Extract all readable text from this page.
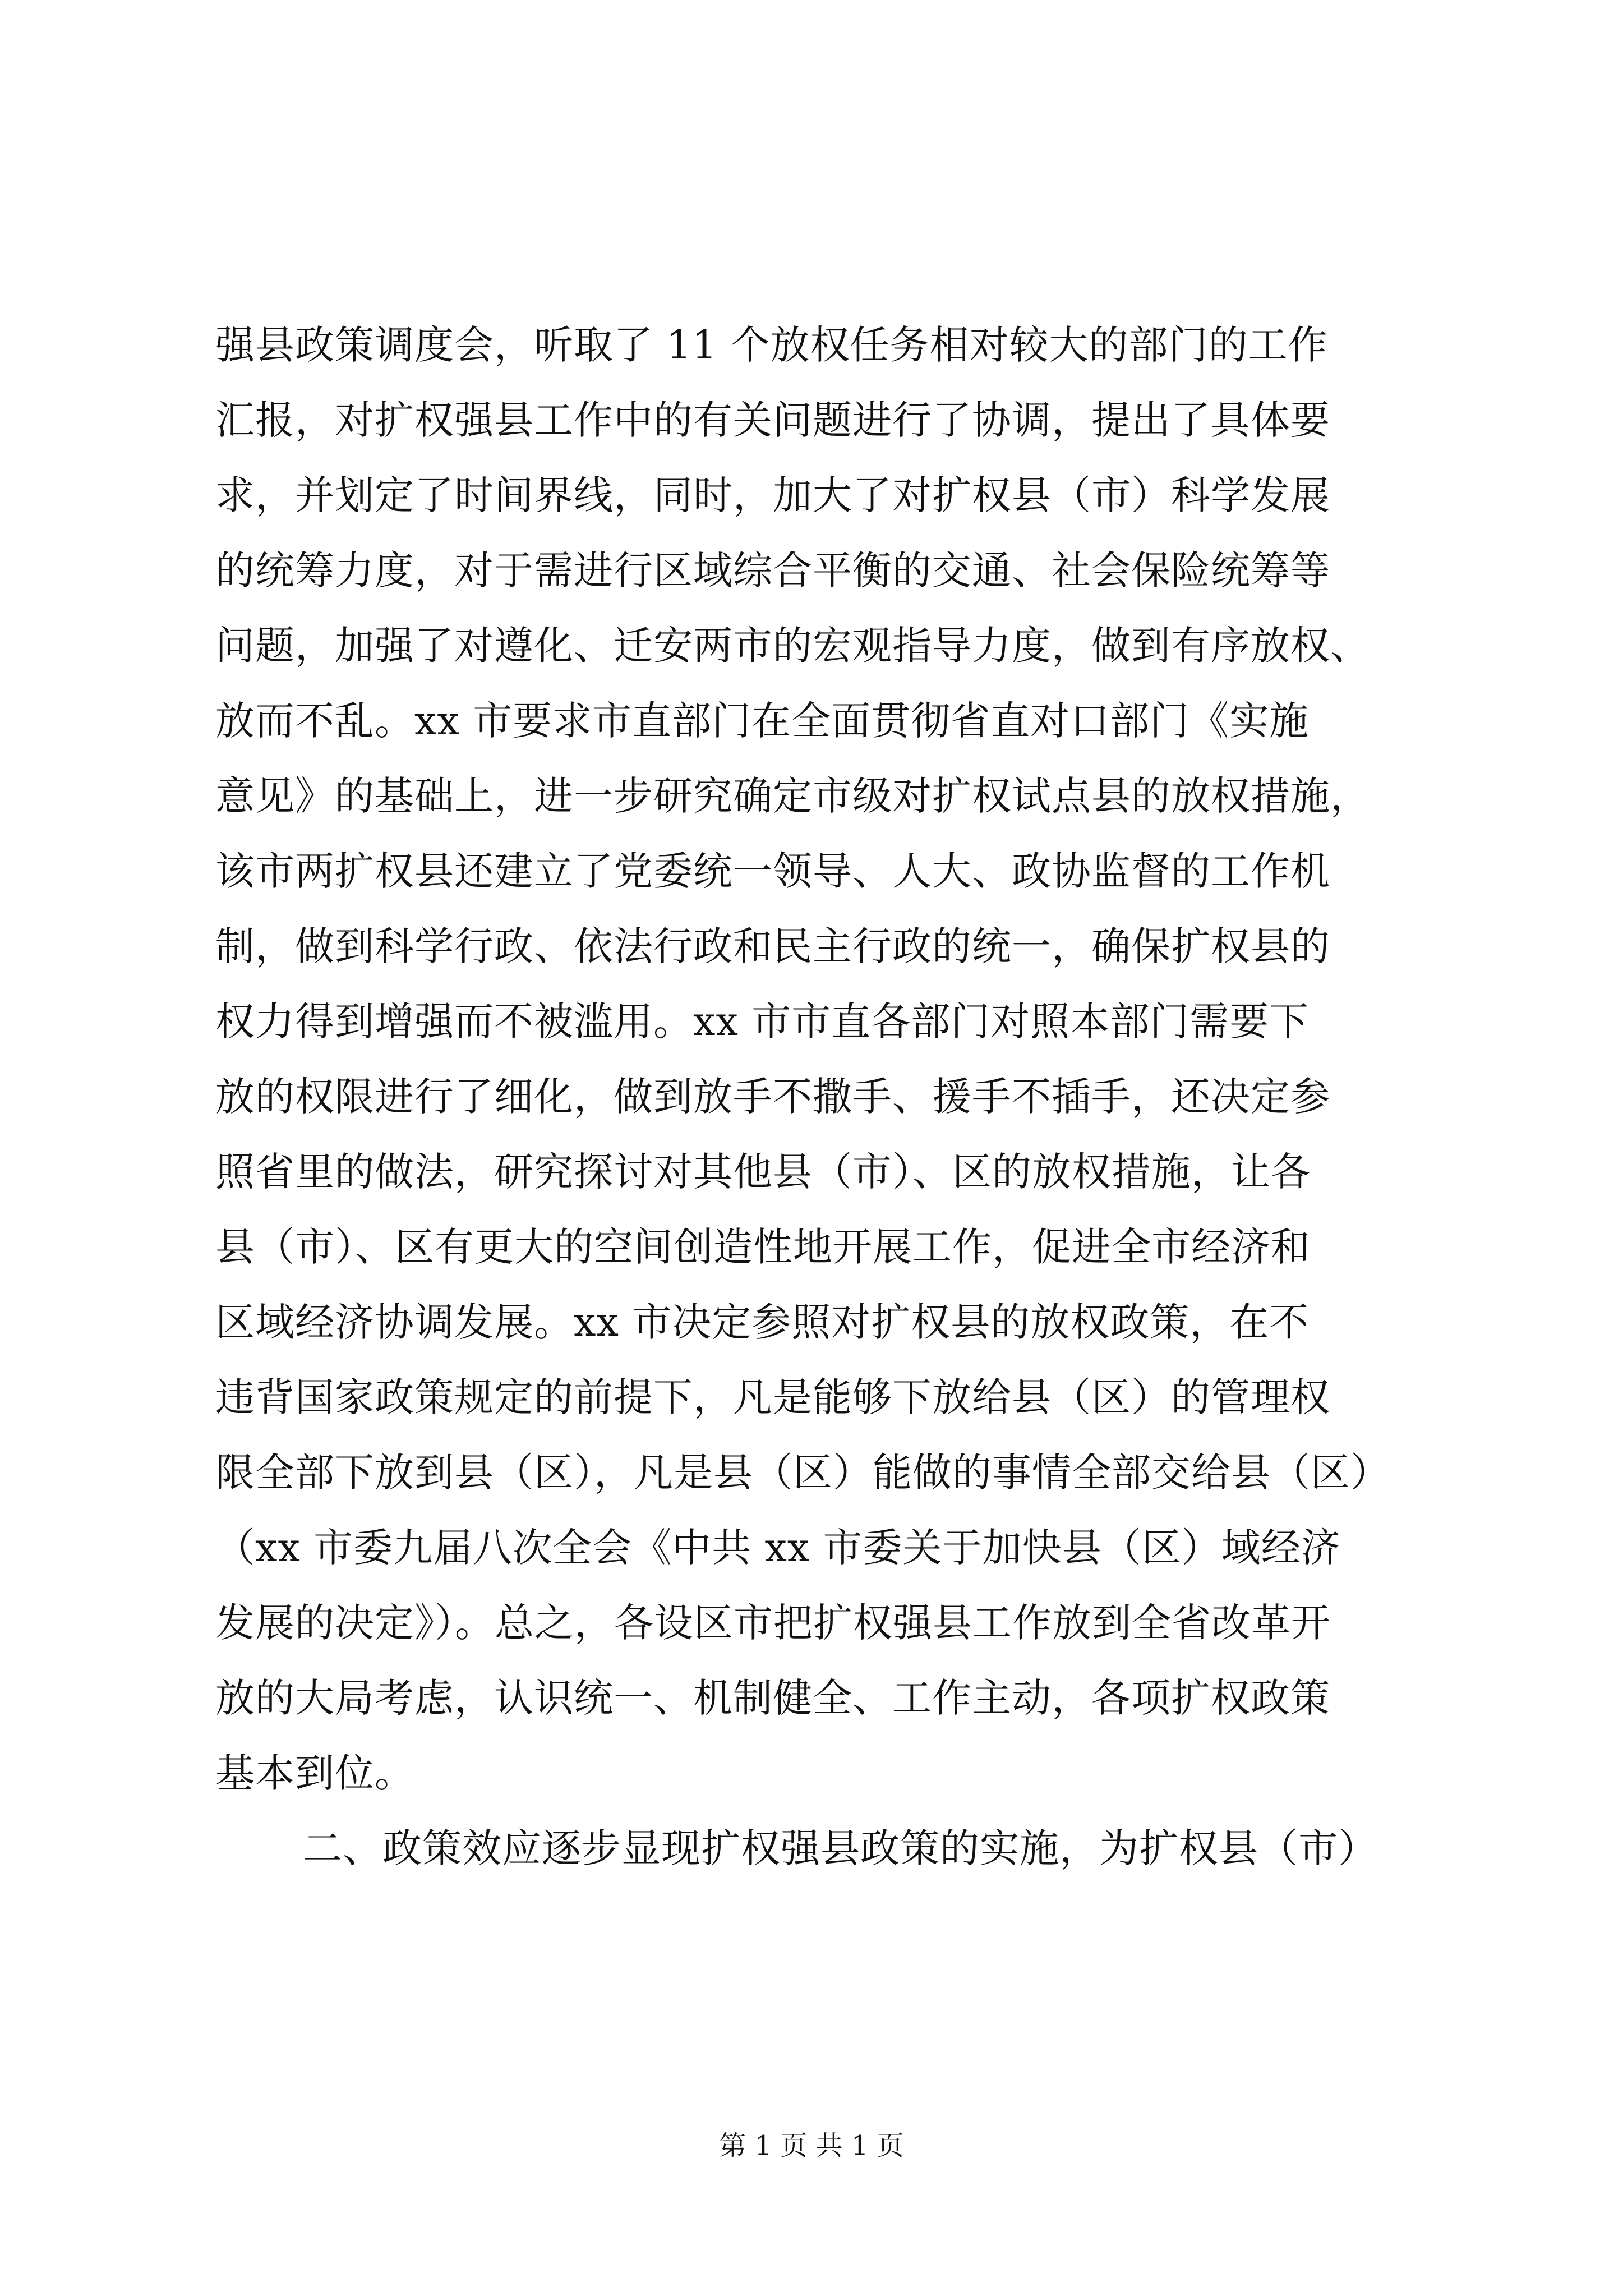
强县政策调度会，听取了 11 个放权任务相对较大的部门的工作
汇报，对扩权强县工作中的有关问题进行了协调，提出了具体要
求，并划定了时间界线，同时，加大了对扩权县（市）科学发展
的统筹力度，对于需进行区域综合平衡的交通、社会保险统筹等
问题，加强了对遵化、迁安两市的宏观指导力度，做到有序放权、
放而不乱。xx 市要求市直部门在全面贯彻省直对口部门《实施
意见》的基础上，进一步研究确定市级对扩权试点县的放权措施，
该市两扩权县还建立了党委统一领导、人大、政协监督的工作机
制，做到科学行政、依法行政和民主行政的统一，确保扩权县的
权力得到增强而不被滥用。xx 市市直各部门对照本部门需要下
放的权限进行了细化，做到放手不撒手、援手不插手，还决定参
照省里的做法，研究探讨对其他县（市）、区的放权措施，让各
县（市）、区有更大的空间创造性地开展工作，促进全市经济和
区域经济协调发展。xx 市决定参照对扩权县的放权政策，在不
违背国家政策规定的前提下，凡是能够下放给县（区）的管理权
限全部下放到县（区），凡是县（区）能做的事情全部交给县（区）
（xx 市委九届八次全会《中共 xx 市委关于加快县（区）域经济
发展的决定》）。总之，各设区市把扩权强县工作放到全省改革开
放的大局考虑，认识统一、机制健全、工作主动，各项扩权政策
基本到位。
二、政策效应逐步显现扩权强县政策的实施，为扩权县（市）
第 1 页 共 1 页
